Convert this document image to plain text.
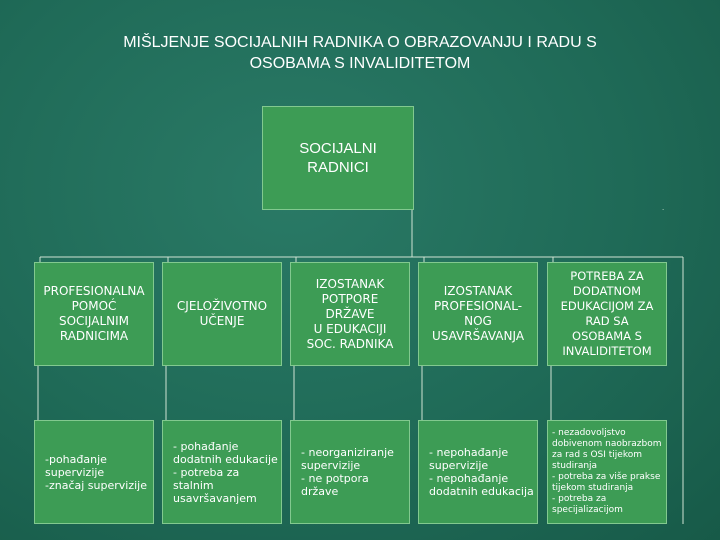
MIŠLJENJE SOCIJALNIH RADNIKA O OBRAZOVANJU I RADU S
OSOBAMA S INVALIDITETOM
SOCIJALNI
RADNICI
PROFESIONALNA
POMOĆ
SOCIJALNIM
RADNICIMA
CJELOŽIVOTNO
UČENJE
IZOSTANAK
POTPORE
DRŽAVE
U EDUKACIJI
SOC. RADNIKA
IZOSTANAK
PROFESIONAL-
NOG
USAVRŠAVANJA
POTREBA ZA
DODATNOM
EDUKACIJOM ZA
RAD SA
OSOBAMA S
INVALIDITETOM
-pohađanje
supervizije
-značaj supervizije
- pohađanje
dodatnih edukacije
- potreba za stalnim
usavršavanjem
- neorganiziranje
supervizije
- ne potpora države
- nepohađanje
supervizije
- nepohađanje
dodatnih edukacija
- nezadovoljstvo
dobivenom naobrazbom
za rad s OSI tijekom
studiranja
- potreba za više prakse
tijekom studiranja
- potreba za
specijalizacijom
.
